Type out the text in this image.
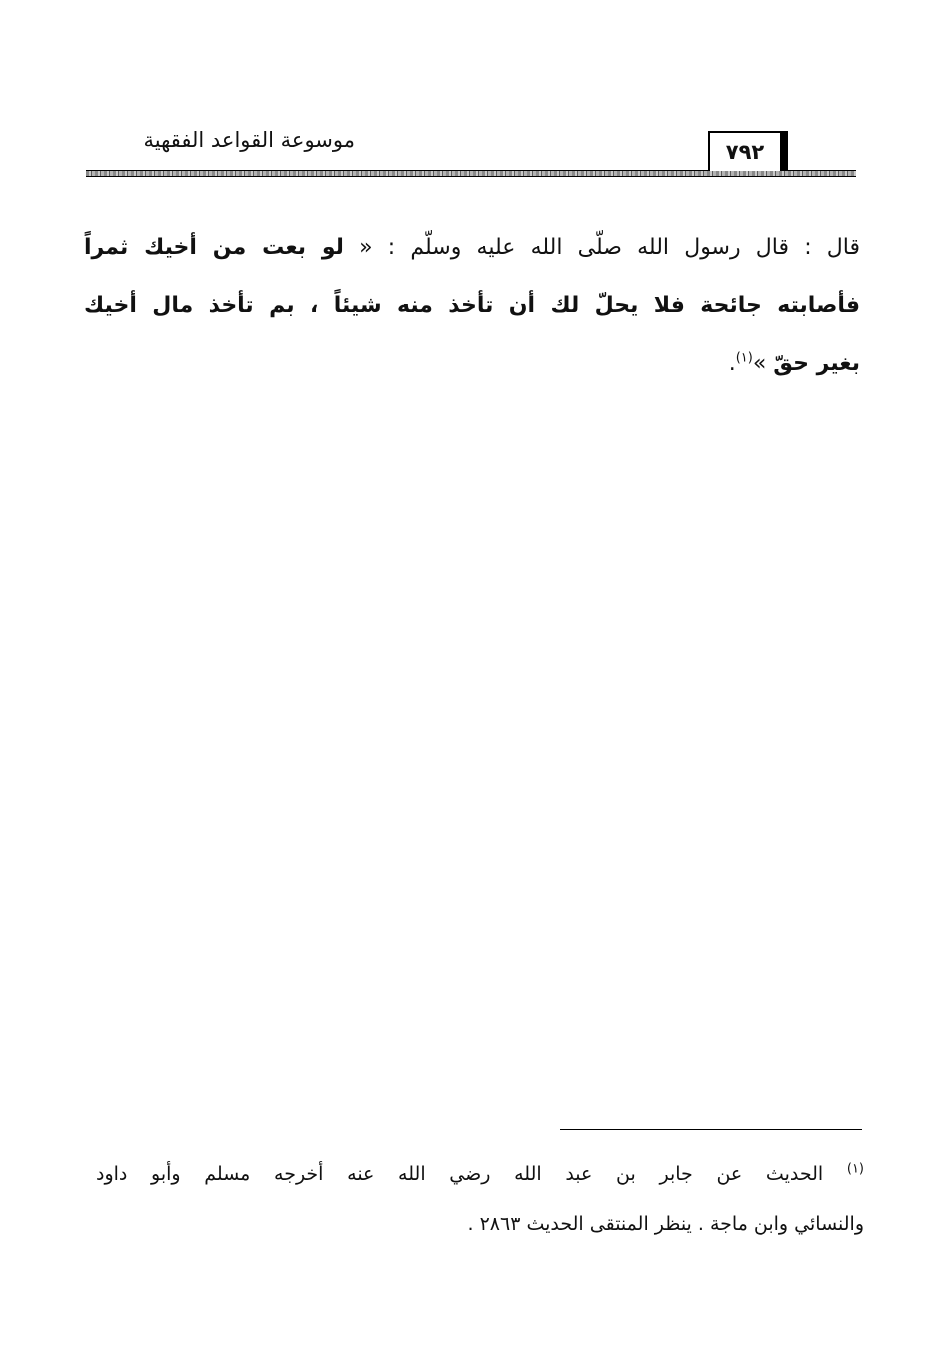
موسوعة القواعد الفقهية	٧٩٢
قال : قال رسول الله صلّى الله عليه وسلّم : « لو بعت من أخيك ثمراً
فأصابته جائحة فلا يحلّ لك أن تأخذ منه شيئاً ، بم تأخذ مال أخيك
بغير حقّ »$^{(١)}$.
$^{(١)}$ الحديث عن جابر بن عبد الله رضي الله عنه أخرجه مسلم وأبو داود
والنسائي وابن ماجة . ينظر المنتقى الحديث ٢٨٦٣ .
